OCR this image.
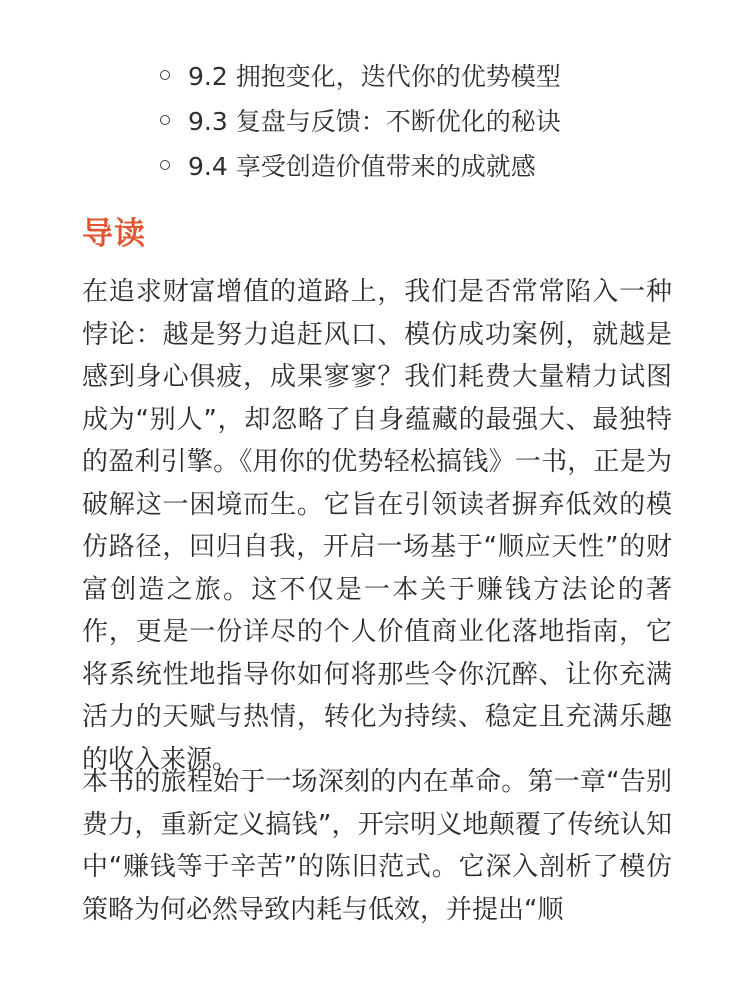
9.2 拥抱变化，迭代你的优势模型
9.3 复盘与反馈：不断优化的秘诀
9.4 享受创造价值带来的成就感
导读

在追求财富增值的道路上，我们是否常常陷入一种悖论：越是努力追赶风口、模仿成功案例，就越是感到身心俱疲，成果寥寥？我们耗费大量精力试图成为“别人”，却忽略了自身蕴藏的最强大、最独特的盈利引擎。《用你的优势轻松搞钱》一书，正是为破解这一困境而生。它旨在引领读者摒弃低效的模仿路径，回归自我，开启一场基于“顺应天性”的财富创造之旅。这不仅是一本关于赚钱方法论的著作，更是一份详尽的个人价值商业化落地指南，它将系统性地指导你如何将那些令你沉醉、让你充满活力的天赋与热情，转化为持续、稳定且充满乐趣的收入来源。

本书的旅程始于一场深刻的内在革命。第一章“告别费力，重新定义搞钱”，开宗明义地颠覆了传统认知中“赚钱等于辛苦”的陈旧范式。它深入剖析了模仿策略为何必然导致内耗与低效，并提出“顺
